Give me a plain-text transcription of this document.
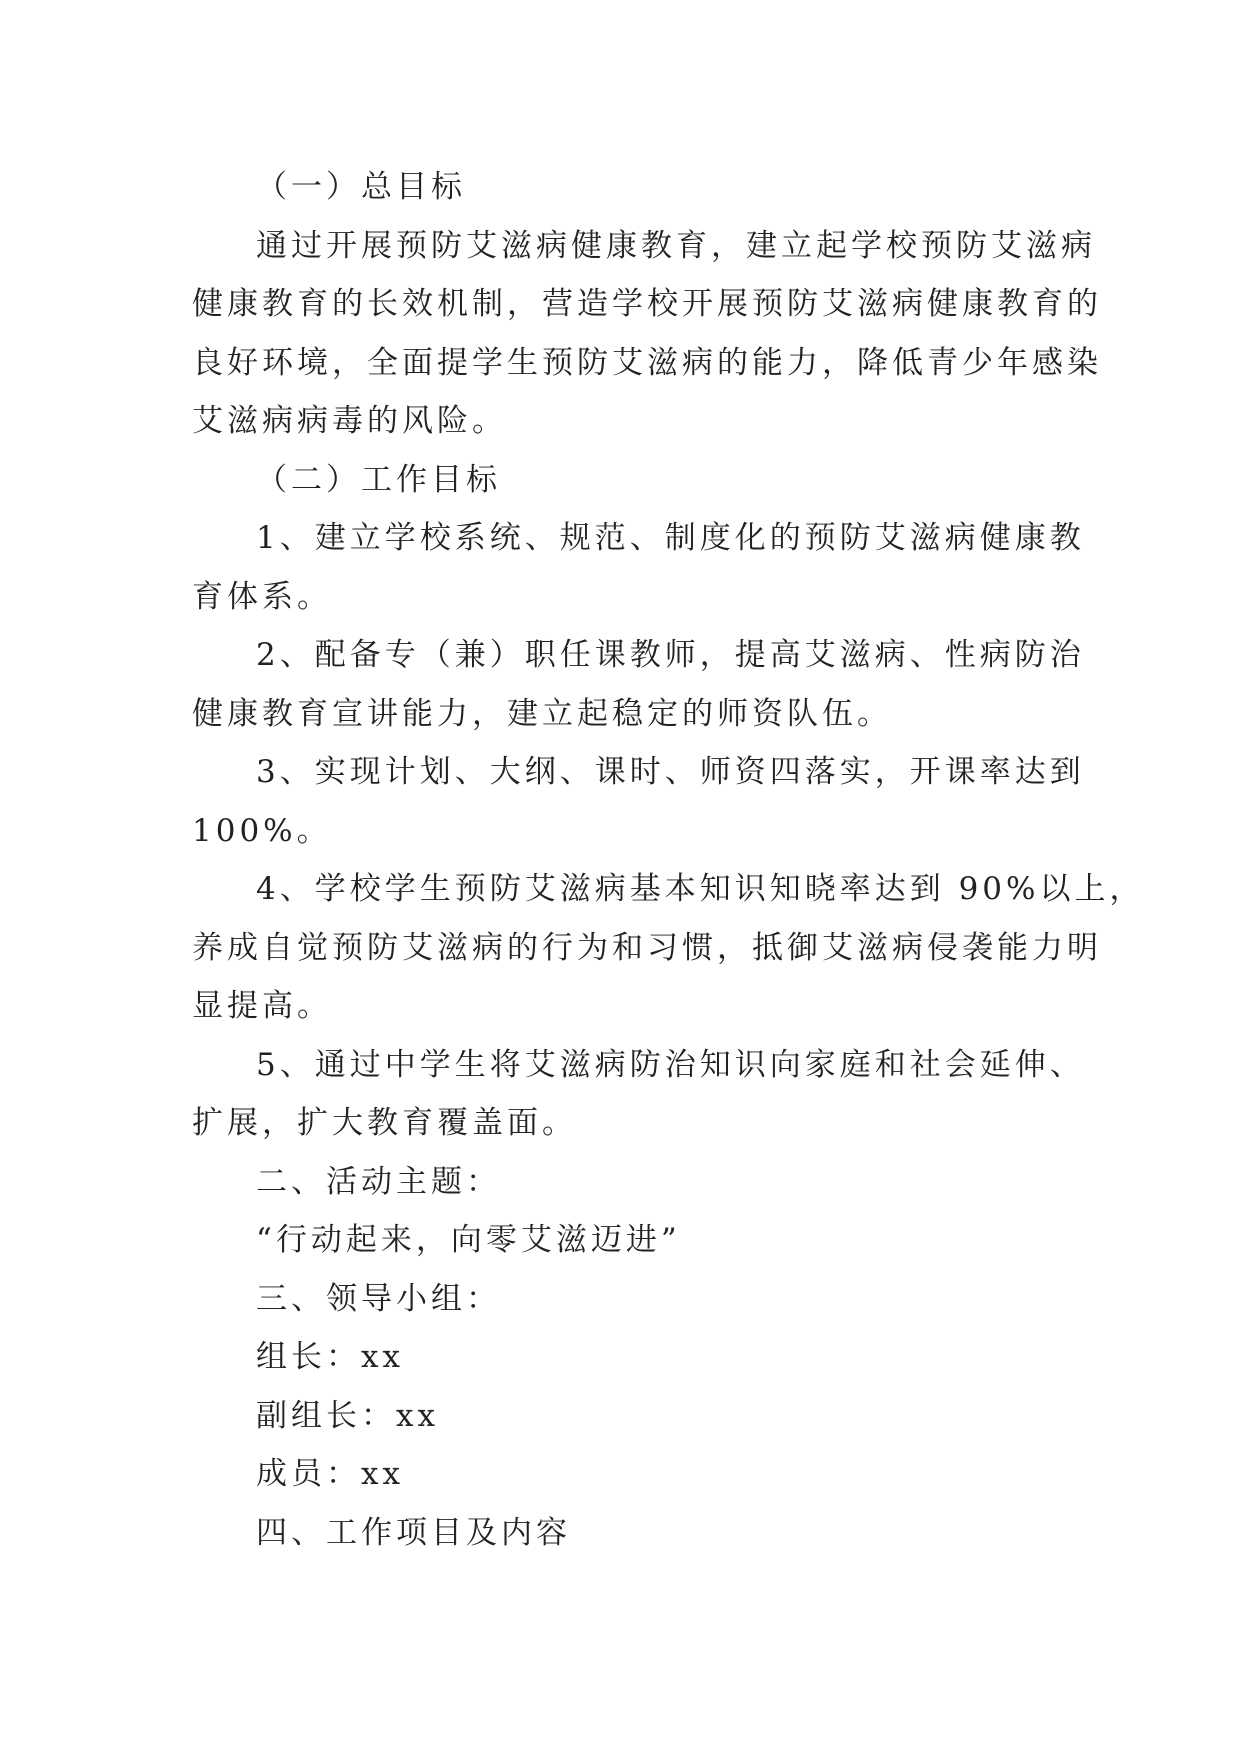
（一）总目标
通过开展预防艾滋病健康教育，建立起学校预防艾滋病
健康教育的长效机制，营造学校开展预防艾滋病健康教育的
良好环境，全面提学生预防艾滋病的能力，降低青少年感染
艾滋病病毒的风险。
（二）工作目标
1、建立学校系统、规范、制度化的预防艾滋病健康教
育体系。
2、配备专（兼）职任课教师，提高艾滋病、性病防治
健康教育宣讲能力，建立起稳定的师资队伍。
3、实现计划、大纲、课时、师资四落实，开课率达到
100%。
4、学校学生预防艾滋病基本知识知晓率达到 90%以上，
养成自觉预防艾滋病的行为和习惯，抵御艾滋病侵袭能力明
显提高。
5、通过中学生将艾滋病防治知识向家庭和社会延伸、
扩展，扩大教育覆盖面。
二、活动主题：
“行动起来，向零艾滋迈进”
三、领导小组：
组长：xx
副组长：xx
成员：xx
四、工作项目及内容
